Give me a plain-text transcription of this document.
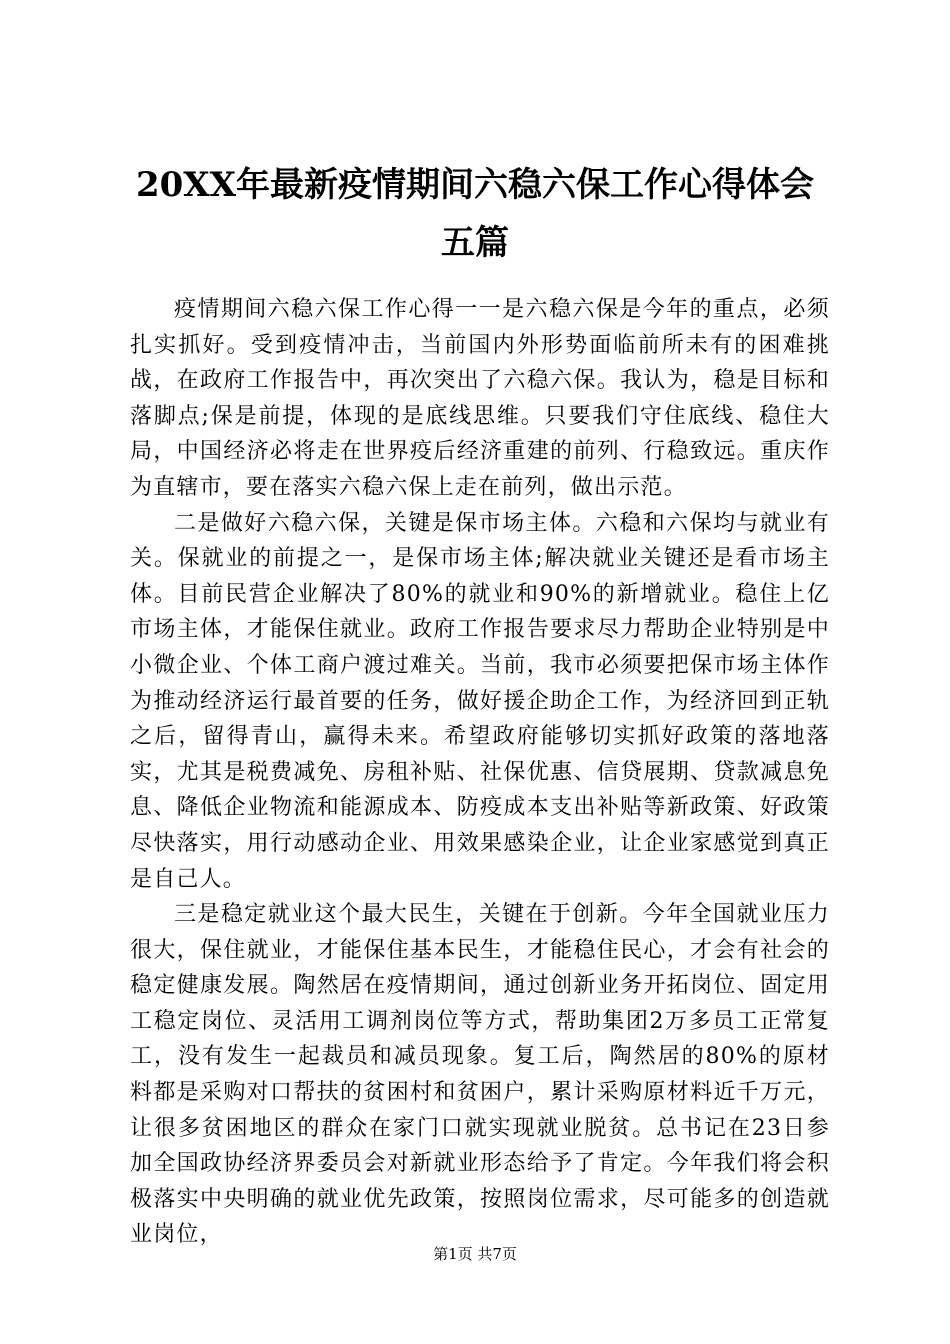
20XX年最新疫情期间六稳六保工作心得体会
五篇

疫情期间六稳六保工作心得一一是六稳六保是今年的重点，必须扎实抓好。受到疫情冲击，当前国内外形势面临前所未有的困难挑战，在政府工作报告中，再次突出了六稳六保。我认为，稳是目标和落脚点;保是前提，体现的是底线思维。只要我们守住底线、稳住大局，中国经济必将走在世界疫后经济重建的前列、行稳致远。重庆作为直辖市，要在落实六稳六保上走在前列，做出示范。

二是做好六稳六保，关键是保市场主体。六稳和六保均与就业有关。保就业的前提之一，是保市场主体;解决就业关键还是看市场主体。目前民营企业解决了80%的就业和90%的新增就业。稳住上亿市场主体，才能保住就业。政府工作报告要求尽力帮助企业特别是中小微企业、个体工商户渡过难关。当前，我市必须要把保市场主体作为推动经济运行最首要的任务，做好援企助企工作，为经济回到正轨之后，留得青山，赢得未来。希望政府能够切实抓好政策的落地落实，尤其是税费减免、房租补贴、社保优惠、信贷展期、贷款减息免息、降低企业物流和能源成本、防疫成本支出补贴等新政策、好政策尽快落实，用行动感动企业、用效果感染企业，让企业家感觉到真正是自己人。

三是稳定就业这个最大民生，关键在于创新。今年全国就业压力很大，保住就业，才能保住基本民生，才能稳住民心，才会有社会的稳定健康发展。陶然居在疫情期间，通过创新业务开拓岗位、固定用工稳定岗位、灵活用工调剂岗位等方式，帮助集团2万多员工正常复工，没有发生一起裁员和减员现象。复工后，陶然居的80%的原材料都是采购对口帮扶的贫困村和贫困户，累计采购原材料近千万元，让很多贫困地区的群众在家门口就实现就业脱贫。总书记在23日参加全国政协经济界委员会对新就业形态给予了肯定。今年我们将会积极落实中央明确的就业优先政策，按照岗位需求，尽可能多的创造就业岗位，

第1页 共7页
